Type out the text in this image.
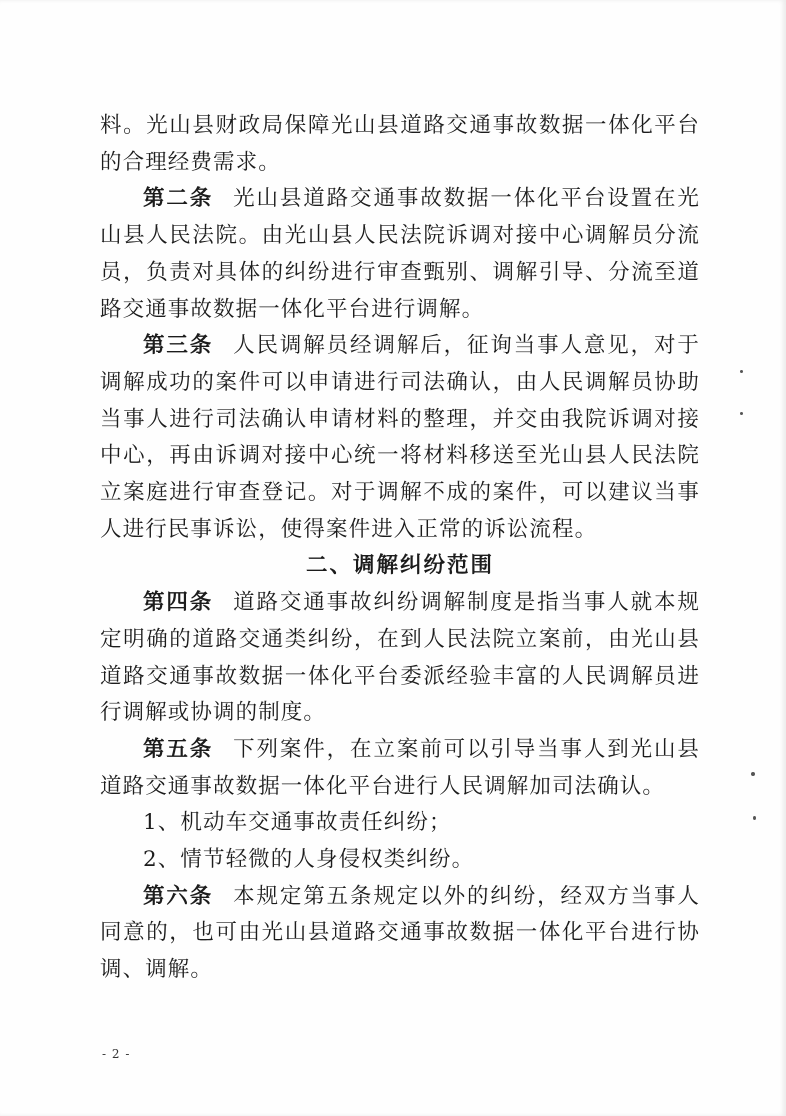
料。光山县财政局保障光山县道路交通事故数据一体化平台的合理经费需求。

第二条 光山县道路交通事故数据一体化平台设置在光山县人民法院。由光山县人民法院诉调对接中心调解员分流员，负责对具体的纠纷进行审查甄别、调解引导、分流至道路交通事故数据一体化平台进行调解。

第三条 人民调解员经调解后，征询当事人意见，对于调解成功的案件可以申请进行司法确认，由人民调解员协助当事人进行司法确认申请材料的整理，并交由我院诉调对接中心，再由诉调对接中心统一将材料移送至光山县人民法院立案庭进行审查登记。对于调解不成的案件，可以建议当事人进行民事诉讼，使得案件进入正常的诉讼流程。

二、调解纠纷范围

第四条 道路交通事故纠纷调解制度是指当事人就本规定明确的道路交通类纠纷，在到人民法院立案前，由光山县道路交通事故数据一体化平台委派经验丰富的人民调解员进行调解或协调的制度。

第五条 下列案件，在立案前可以引导当事人到光山县道路交通事故数据一体化平台进行人民调解加司法确认。

1、机动车交通事故责任纠纷；

2、情节轻微的人身侵权类纠纷。

第六条 本规定第五条规定以外的纠纷，经双方当事人同意的，也可由光山县道路交通事故数据一体化平台进行协调、调解。

- 2 -
